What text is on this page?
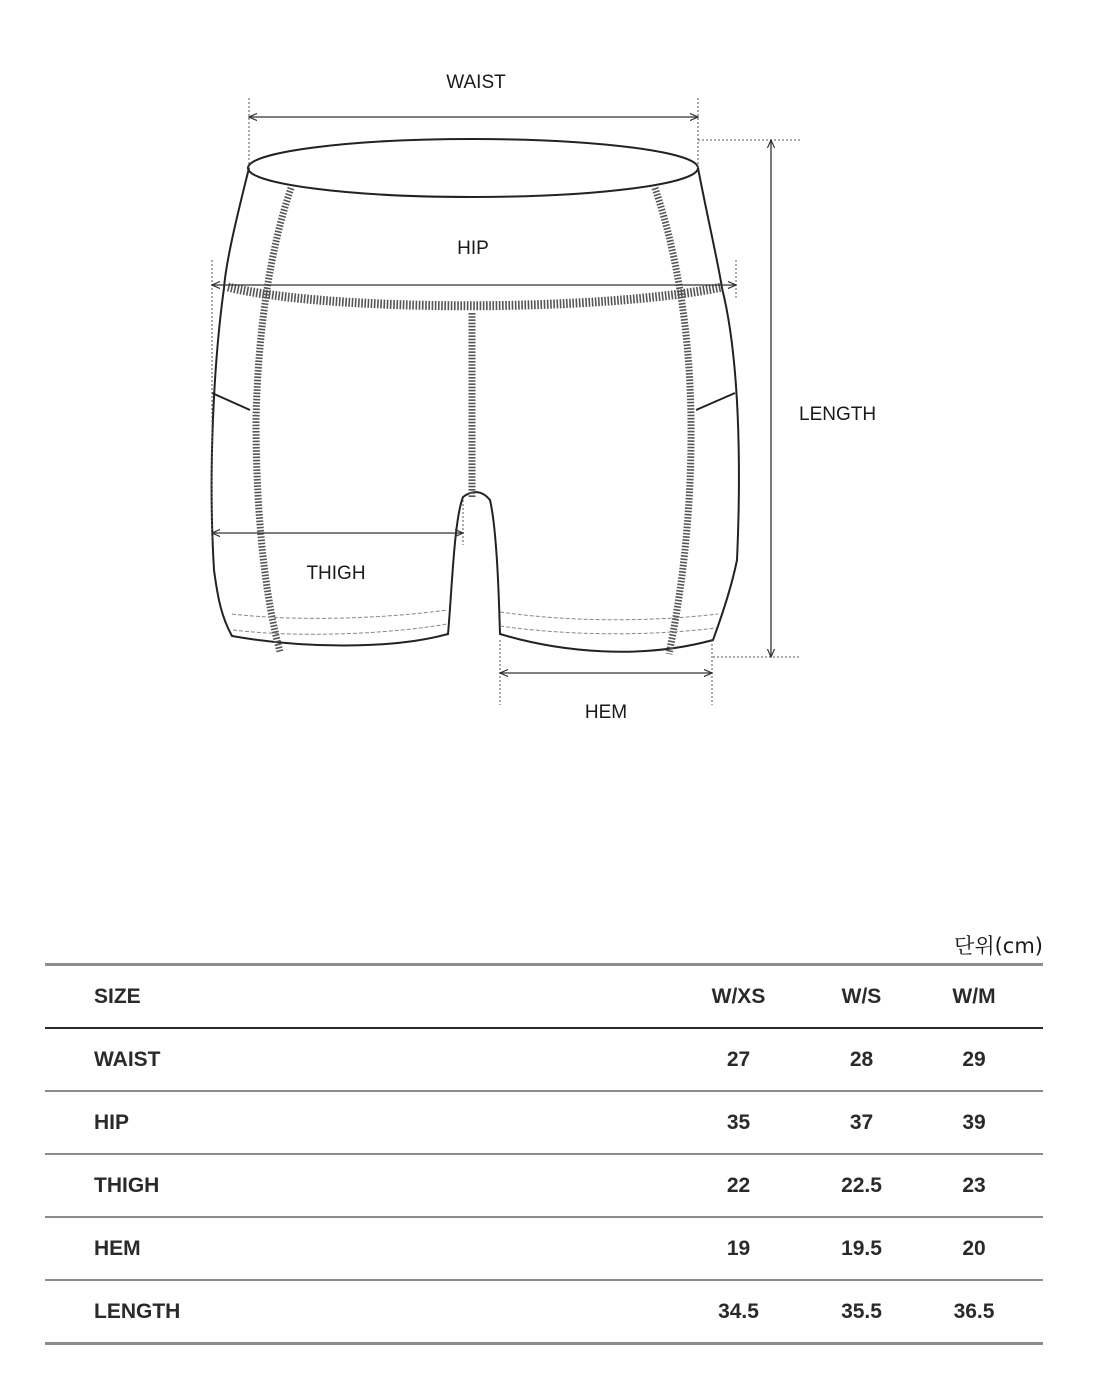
WAIST
HIP
LENGTH
THIGH
HEM
단위(cm)
SIZE	W/XS	W/S	W/M
WAIST	27	28	29
HIP	35	37	39
THIGH	22	22.5	23
HEM	19	19.5	20
LENGTH	34.5	35.5	36.5
